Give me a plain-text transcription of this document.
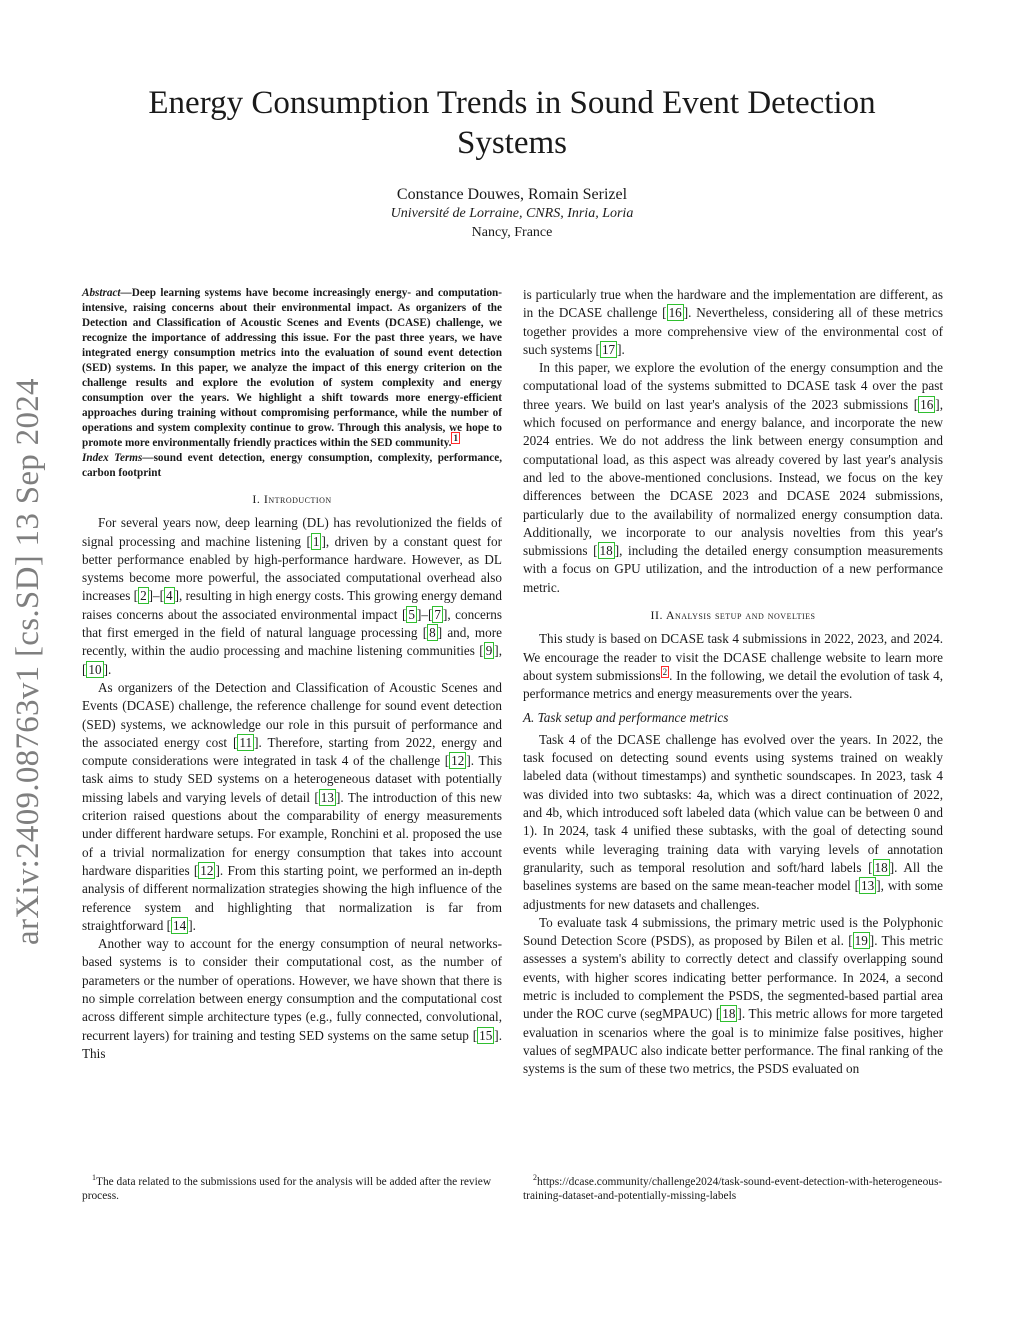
arXiv:2409.08763v1 [cs.SD] 13 Sep 2024
Energy Consumption Trends in Sound Event Detection Systems
Constance Douwes, Romain Serizel
Université de Lorraine, CNRS, Inria, Loria
Nancy, France
Abstract—Deep learning systems have become increasingly energy- and computation-intensive, raising concerns about their environmental impact. As organizers of the Detection and Classification of Acoustic Scenes and Events (DCASE) challenge, we recognize the importance of addressing this issue. For the past three years, we have integrated energy consumption metrics into the evaluation of sound event detection (SED) systems. In this paper, we analyze the impact of this energy criterion on the challenge results and explore the evolution of system complexity and energy consumption over the years. We highlight a shift towards more energy-efficient approaches during training without compromising performance, while the number of operations and system complexity continue to grow. Through this analysis, we hope to promote more environmentally friendly practices within the SED community. $^1$
Index Terms—sound event detection, energy consumption, complexity, performance, carbon footprint
I. Introduction

For several years now, deep learning (DL) has revolutionized the fields of signal processing and machine listening [ 1 ], driven by a constant quest for better performance enabled by high-performance hardware. However, as DL systems become more powerful, the associated computational overhead also increases [ 2 ]–[ 4 ], resulting in high energy costs. This growing energy demand raises concerns about the associated environmental impact [ 5 ]–[ 7 ], concerns that first emerged in the field of natural language processing [ 8 ] and, more recently, within the audio processing and machine listening communities [ 9 ], [ 10 ].

As organizers of the Detection and Classification of Acoustic Scenes and Events (DCASE) challenge, the reference challenge for sound event detection (SED) systems, we acknowledge our role in this pursuit of performance and the associated energy cost [ 11 ]. Therefore, starting from 2022, energy and compute considerations were integrated in task 4 of the challenge [ 12 ]. This task aims to study SED systems on a heterogeneous dataset with potentially missing labels and varying levels of detail [ 13 ]. The introduction of this new criterion raised questions about the comparability of energy measurements under different hardware setups. For example, Ronchini et al. proposed the use of a trivial normalization for energy consumption that takes into account hardware disparities [ 12 ]. From this starting point, we performed an in-depth analysis of different normalization strategies showing the high influence of the reference system and highlighting that normalization is far from straightforward [ 14 ].

Another way to account for the energy consumption of neural networks-based systems is to consider their computational cost, as the number of parameters or the number of operations. However, we have shown that there is no simple correlation between energy consumption and the computational cost across different simple architecture types (e.g., fully connected, convolutional, recurrent layers) for training and testing SED systems on the same setup [ 15 ]. This

is particularly true when the hardware and the implementation are different, as in the DCASE challenge [ 16 ]. Nevertheless, considering all of these metrics together provides a more comprehensive view of the environmental cost of such systems [ 17 ].

In this paper, we explore the evolution of the energy consumption and the computational load of the systems submitted to DCASE task 4 over the past three years. We build on last year's analysis of the 2023 submissions [ 16 ], which focused on performance and energy balance, and incorporate the new 2024 entries. We do not address the link between energy consumption and computational load, as this aspect was already covered by last year's analysis and led to the above-mentioned conclusions. Instead, we focus on the key differences between the DCASE 2023 and DCASE 2024 submissions, particularly due to the availability of normalized energy consumption data. Additionally, we incorporate to our analysis novelties from this year's submissions [ 18 ], including the detailed energy consumption measurements with a focus on GPU utilization, and the introduction of a new performance metric.

II. Analysis setup and novelties

This study is based on DCASE task 4 submissions in 2022, 2023, and 2024. We encourage the reader to visit the DCASE challenge website to learn more about system submissions $^2$ . In the following, we detail the evolution of task 4, performance metrics and energy measurements over the years.

A. Task setup and performance metrics

Task 4 of the DCASE challenge has evolved over the years. In 2022, the task focused on detecting sound events using systems trained on weakly labeled data (without timestamps) and synthetic soundscapes. In 2023, task 4 was divided into two subtasks: 4a, which was a direct continuation of 2022, and 4b, which introduced soft labeled data (which value can be between 0 and 1). In 2024, task 4 unified these subtasks, with the goal of detecting sound events while leveraging training data with varying levels of annotation granularity, such as temporal resolution and soft/hard labels [ 18 ]. All the baselines systems are based on the same mean-teacher model [ 13 ], with some adjustments for new datasets and challenges.

To evaluate task 4 submissions, the primary metric used is the Polyphonic Sound Detection Score (PSDS), as proposed by Bilen et al. [ 19 ]. This metric assesses a system's ability to correctly detect and classify overlapping sound events, with higher scores indicating better performance. In 2024, a second metric is included to complement the PSDS, the segmented-based partial area under the ROC curve (segMPAUC) [ 18 ]. This metric allows for more targeted evaluation in scenarios where the goal is to minimize false positives, higher values of segMPAUC also indicate better performance. The final ranking of the systems is the sum of these two metrics, the PSDS evaluated on

$^1$The data related to the submissions used for the analysis will be added after the review process.
$^2$https://dcase.community/challenge2024/task-sound-event-detection-with-heterogeneous-training-dataset-and-potentially-missing-labels
